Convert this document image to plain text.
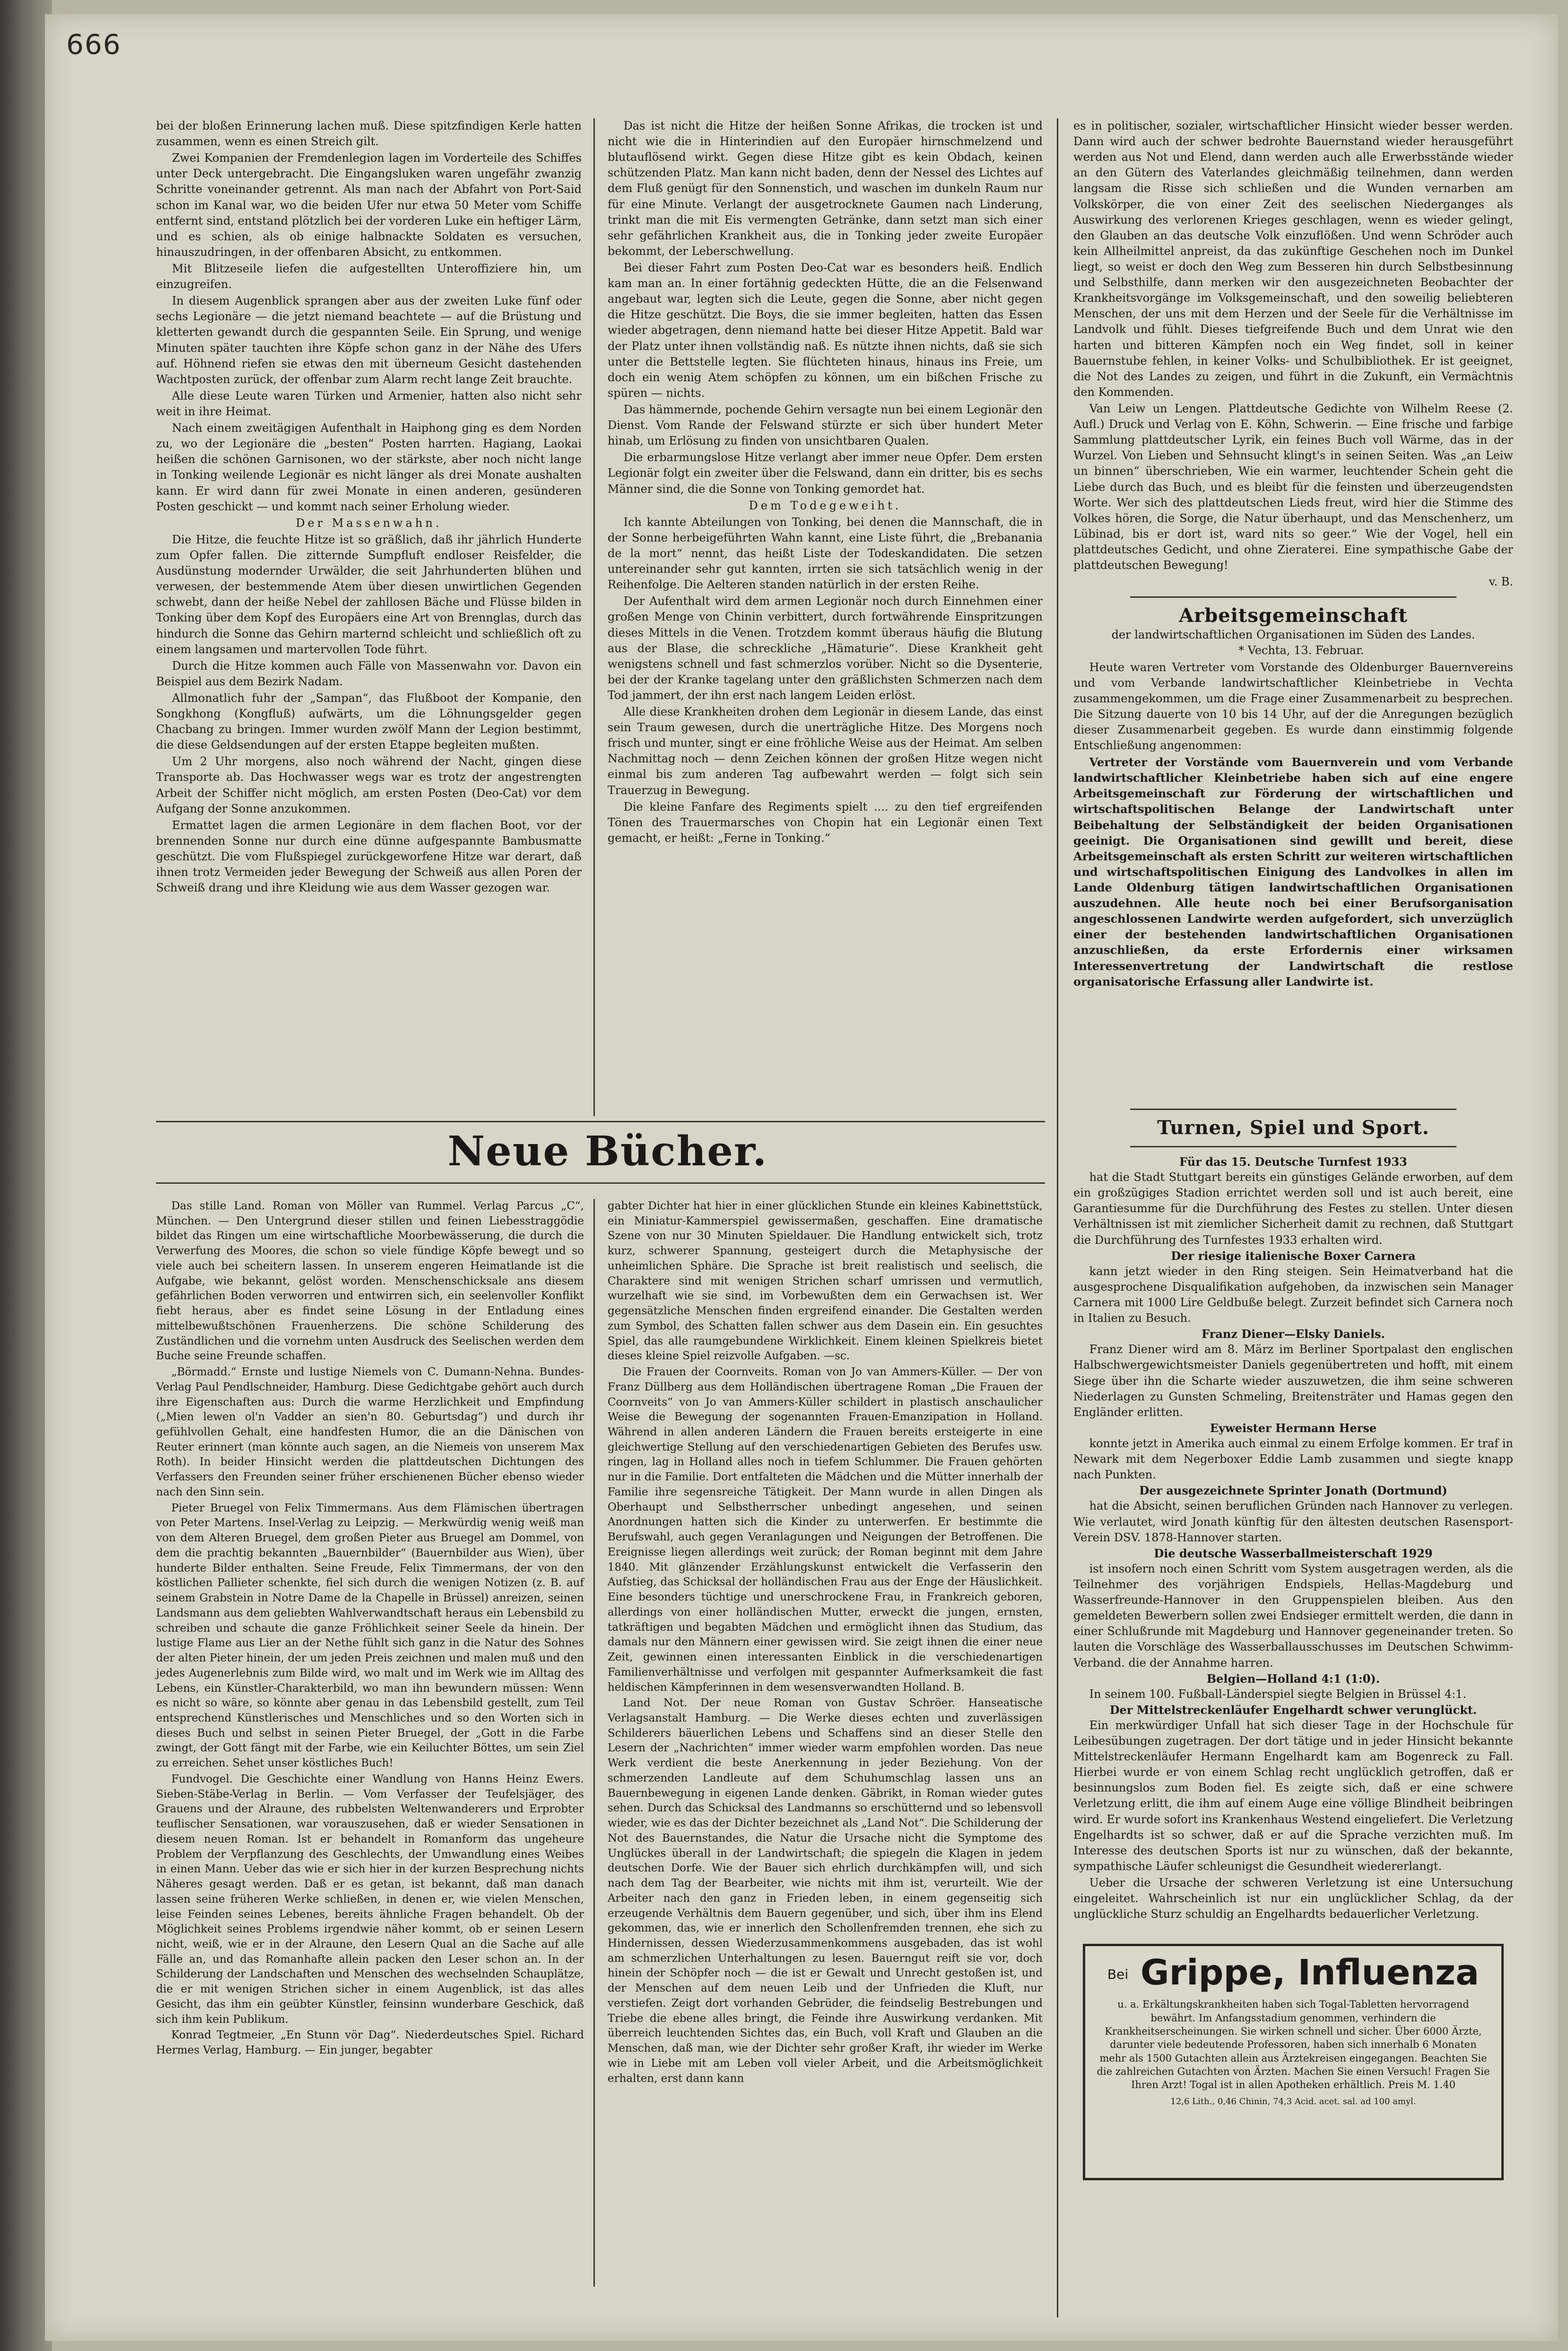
666

bei der bloßen Erinnerung lachen muß. Diese spitzfindigen Kerle hatten zusammen, wenn es einen Streich gilt.

Zwei Kompanien der Fremdenlegion lagen im Vorderteile des Schiffes unter Deck untergebracht. Die Eingangsluken waren ungefähr zwanzig Schritte voneinander getrennt. Als man nach der Abfahrt von Port-Said schon im Kanal war, wo die beiden Ufer nur etwa 50 Meter vom Schiffe entfernt sind, entstand plötzlich bei der vorderen Luke ein heftiger Lärm, und es schien, als ob einige halbnackte Soldaten es versuchen, hinauszudringen, in der offenbaren Absicht, zu entkommen.

Mit Blitzeseile liefen die aufgestellten Unteroffiziere hin, um einzugreifen.

In diesem Augenblick sprangen aber aus der zweiten Luke fünf oder sechs Legionäre — die jetzt niemand beachtete — auf die Brüstung und kletterten gewandt durch die gespannten Seile. Ein Sprung, und wenige Minuten später tauchten ihre Köpfe schon ganz in der Nähe des Ufers auf. Höhnend riefen sie etwas den mit überneum Gesicht dastehenden Wachtposten zurück, der offenbar zum Alarm recht lange Zeit brauchte.

Alle diese Leute waren Türken und Armenier, hatten also nicht sehr weit in ihre Heimat.

Nach einem zweitägigen Aufenthalt in Haiphong ging es dem Norden zu, wo der Legionäre die „besten“ Posten harrten. Hagiang, Laokai heißen die schönen Garnisonen, wo der stärkste, aber noch nicht lange in Tonking weilende Legionär es nicht länger als drei Monate aushalten kann. Er wird dann für zwei Monate in einen anderen, gesünderen Posten geschickt — und kommt nach seiner Erholung wieder.

Der Massenwahn.

Die Hitze, die feuchte Hitze ist so gräßlich, daß ihr jährlich Hunderte zum Opfer fallen. Die zitternde Sumpfluft endloser Reisfelder, die Ausdünstung modernder Urwälder, die seit Jahrhunderten blühen und verwesen, der bestemmende Atem über diesen unwirtlichen Gegenden schwebt, dann der heiße Nebel der zahllosen Bäche und Flüsse bilden in Tonking über dem Kopf des Europäers eine Art von Brennglas, durch das hindurch die Sonne das Gehirn marternd schleicht und schließlich oft zu einem langsamen und martervollen Tode führt.

Durch die Hitze kommen auch Fälle von Massenwahn vor. Davon ein Beispiel aus dem Bezirk Nadam.

Allmonatlich fuhr der „Sampan“, das Flußboot der Kompanie, den Songkhong (Kongfluß) aufwärts, um die Löhnungsgelder gegen Chacbang zu bringen. Immer wurden zwölf Mann der Legion bestimmt, die diese Geldsendungen auf der ersten Etappe begleiten mußten.

Um 2 Uhr morgens, also noch während der Nacht, gingen diese Transporte ab. Das Hochwasser wegs war es trotz der angestrengten Arbeit der Schiffer nicht möglich, am ersten Posten (Deo-Cat) vor dem Aufgang der Sonne anzukommen.

Ermattet lagen die armen Legionäre in dem flachen Boot, vor der brennenden Sonne nur durch eine dünne aufgespannte Bambusmatte geschützt. Die vom Flußspiegel zurückgeworfene Hitze war derart, daß ihnen trotz Vermeiden jeder Bewegung der Schweiß aus allen Poren der Schweiß drang und ihre Kleidung wie aus dem Wasser gezogen war.

Das ist nicht die Hitze der heißen Sonne Afrikas, die trocken ist und nicht wie die in Hinterindien auf den Europäer hirnschmelzend und blutauflösend wirkt. Gegen diese Hitze gibt es kein Obdach, keinen schützenden Platz. Man kann nicht baden, denn der Nessel des Lichtes auf dem Fluß genügt für den Sonnenstich, und waschen im dunkeln Raum nur für eine Minute. Verlangt der ausgetrocknete Gaumen nach Linderung, trinkt man die mit Eis vermengten Getränke, dann setzt man sich einer sehr gefährlichen Krankheit aus, die in Tonking jeder zweite Europäer bekommt, der Leberschwellung.

Bei dieser Fahrt zum Posten Deo-Cat war es besonders heiß. Endlich kam man an. In einer fortähnig gedeckten Hütte, die an die Felsenwand angebaut war, legten sich die Leute, gegen die Sonne, aber nicht gegen die Hitze geschützt. Die Boys, die sie immer begleiten, hatten das Essen wieder abgetragen, denn niemand hatte bei dieser Hitze Appetit. Bald war der Platz unter ihnen vollständig naß. Es nützte ihnen nichts, daß sie sich unter die Bettstelle legten. Sie flüchteten hinaus, hinaus ins Freie, um doch ein wenig Atem schöpfen zu können, um ein bißchen Frische zu spüren — nichts.

Das hämmernde, pochende Gehirn versagte nun bei einem Legionär den Dienst. Vom Rande der Felswand stürzte er sich über hundert Meter hinab, um Erlösung zu finden von unsichtbaren Qualen.

Die erbarmungslose Hitze verlangt aber immer neue Opfer. Dem ersten Legionär folgt ein zweiter über die Felswand, dann ein dritter, bis es sechs Männer sind, die die Sonne von Tonking gemordet hat.

Dem Todegeweiht.

Ich kannte Abteilungen von Tonking, bei denen die Mannschaft, die in der Sonne herbeigeführten Wahn kannt, eine Liste führt, die „Brebanania de la mort“ nennt, das heißt Liste der Todeskandidaten. Die setzen untereinander sehr gut kannten, irrten sie sich tatsächlich wenig in der Reihenfolge. Die Aelteren standen natürlich in der ersten Reihe.

Der Aufenthalt wird dem armen Legionär noch durch Einnehmen einer großen Menge von Chinin verbittert, durch fortwährende Einspritzungen dieses Mittels in die Venen. Trotzdem kommt überaus häufig die Blutung aus der Blase, die schreckliche „Hämaturie“. Diese Krankheit geht wenigstens schnell und fast schmerzlos vorüber. Nicht so die Dysenterie, bei der der Kranke tagelang unter den gräßlichsten Schmerzen nach dem Tod jammert, der ihn erst nach langem Leiden erlöst.

Alle diese Krankheiten drohen dem Legionär in diesem Lande, das einst sein Traum gewesen, durch die unerträgliche Hitze. Des Morgens noch frisch und munter, singt er eine fröhliche Weise aus der Heimat. Am selben Nachmittag noch — denn Zeichen können der großen Hitze wegen nicht einmal bis zum anderen Tag aufbewahrt werden — folgt sich sein Trauerzug in Bewegung.

Die kleine Fanfare des Regiments spielt .... zu den tief ergreifenden Tönen des Trauermarsches von Chopin hat ein Legionär einen Text gemacht, er heißt: „Ferne in Tonking.“

es in politischer, sozialer, wirtschaftlicher Hinsicht wieder besser werden. Dann wird auch der schwer bedrohte Bauernstand wieder herausgeführt werden aus Not und Elend, dann werden auch alle Erwerbsstände wieder an den Gütern des Vaterlandes gleichmäßig teilnehmen, dann werden langsam die Risse sich schließen und die Wunden vernarben am Volkskörper, die von einer Zeit des seelischen Niederganges als Auswirkung des verlorenen Krieges geschlagen, wenn es wieder gelingt, den Glauben an das deutsche Volk einzuflößen. Und wenn Schröder auch kein Allheilmittel anpreist, da das zukünftige Geschehen noch im Dunkel liegt, so weist er doch den Weg zum Besseren hin durch Selbstbesinnung und Selbsthilfe, dann merken wir den ausgezeichneten Beobachter der Krankheitsvorgänge im Volksgemeinschaft, und den soweilig beliebteren Menschen, der uns mit dem Herzen und der Seele für die Verhältnisse im Landvolk und fühlt. Dieses tiefgreifende Buch und dem Unrat wie den harten und bitteren Kämpfen noch ein Weg findet, soll in keiner Bauernstube fehlen, in keiner Volks- und Schulbibliothek. Er ist geeignet, die Not des Landes zu zeigen, und führt in die Zukunft, ein Vermächtnis den Kommenden.

Van Leiw un Lengen. Plattdeutsche Gedichte von Wilhelm Reese (2. Aufl.) Druck und Verlag von E. Köhn, Schwerin. — Eine frische und farbige Sammlung plattdeutscher Lyrik, ein feines Buch voll Wärme, das in der Wurzel. Von Lieben und Sehnsucht klingt's in seinen Seiten. Was „an Leiw un binnen“ überschrieben, Wie ein warmer, leuchtender Schein geht die Liebe durch das Buch, und es bleibt für die feinsten und überzeugendsten Worte. Wer sich des plattdeutschen Lieds freut, wird hier die Stimme des Volkes hören, die Sorge, die Natur überhaupt, und das Menschenherz, um Lübinad, bis er dort ist, ward nits so geer.“ Wie der Vogel, hell ein plattdeutsches Gedicht, und ohne Zieraterei. Eine sympathische Gabe der plattdeutschen Bewegung!

v. B.

Arbeitsgemeinschaft
der landwirtschaftlichen Organisationen im Süden des Landes.

* Vechta, 13. Februar.

Heute waren Vertreter vom Vorstande des Oldenburger Bauernvereins und vom Verbande landwirtschaftlicher Kleinbetriebe in Vechta zusammengekommen, um die Frage einer Zusammenarbeit zu besprechen. Die Sitzung dauerte von 10 bis 14 Uhr, auf der die Anregungen bezüglich dieser Zusammenarbeit gegeben. Es wurde dann einstimmig folgende Entschließung angenommen:

Vertreter der Vorstände vom Bauernverein und vom Verbande landwirtschaftlicher Kleinbetriebe haben sich auf eine engere Arbeitsgemeinschaft zur Förderung der wirtschaftlichen und wirtschaftspolitischen Belange der Landwirtschaft unter Beibehaltung der Selbständigkeit der beiden Organisationen geeinigt. Die Organisationen sind gewillt und bereit, diese Arbeitsgemeinschaft als ersten Schritt zur weiteren wirtschaftlichen und wirtschaftspolitischen Einigung des Landvolkes in allen im Lande Oldenburg tätigen landwirtschaftlichen Organisationen auszudehnen. Alle heute noch bei einer Berufsorganisation angeschlossenen Landwirte werden aufgefordert, sich unverzüglich einer der bestehenden landwirtschaftlichen Organisationen anzuschließen, da erste Erfordernis einer wirksamen Interessenvertretung der Landwirtschaft die restlose organisatorische Erfassung aller Landwirte ist.

Turnen, Spiel und Sport.
Für das 15. Deutsche Turnfest 1933

hat die Stadt Stuttgart bereits ein günstiges Gelände erworben, auf dem ein großzügiges Stadion errichtet werden soll und ist auch bereit, eine Garantiesumme für die Durchführung des Festes zu stellen. Unter diesen Verhältnissen ist mit ziemlicher Sicherheit damit zu rechnen, daß Stuttgart die Durchführung des Turnfestes 1933 erhalten wird.

Der riesige italienische Boxer Carnera

kann jetzt wieder in den Ring steigen. Sein Heimatverband hat die ausgesprochene Disqualifikation aufgehoben, da inzwischen sein Manager Carnera mit 1000 Lire Geldbuße belegt. Zurzeit befindet sich Carnera noch in Italien zu Besuch.

Franz Diener—Elsky Daniels.

Franz Diener wird am 8. März im Berliner Sportpalast den englischen Halbschwergewichtsmeister Daniels gegenübertreten und hofft, mit einem Siege über ihn die Scharte wieder auszuwetzen, die ihm seine schweren Niederlagen zu Gunsten Schmeling, Breitensträter und Hamas gegen den Engländer erlitten.

Eyweister Hermann Herse

konnte jetzt in Amerika auch einmal zu einem Erfolge kommen. Er traf in Newark mit dem Negerboxer Eddie Lamb zusammen und siegte knapp nach Punkten.

Der ausgezeichnete Sprinter Jonath (Dortmund)

hat die Absicht, seinen beruflichen Gründen nach Hannover zu verlegen. Wie verlautet, wird Jonath künftig für den ältesten deutschen Rasensport-Verein DSV. 1878-Hannover starten.

Die deutsche Wasserballmeisterschaft 1929

ist insofern noch einen Schritt vom System ausgetragen werden, als die Teilnehmer des vorjährigen Endspiels, Hellas-Magdeburg und Wasserfreunde-Hannover in den Gruppenspielen bleiben. Aus den gemeldeten Bewerbern sollen zwei Endsieger ermittelt werden, die dann in einer Schlußrunde mit Magdeburg und Hannover gegeneinander treten. So lauten die Vorschläge des Wasserballausschusses im Deutschen Schwimm-Verband. die der Annahme harren.

Belgien—Holland 4:1 (1:0).

In seinem 100. Fußball-Länderspiel siegte Belgien in Brüssel 4:1.

Der Mittelstreckenläufer Engelhardt schwer verunglückt.

Ein merkwürdiger Unfall hat sich dieser Tage in der Hochschule für Leibesübungen zugetragen. Der dort tätige und in jeder Hinsicht bekannte Mittelstreckenläufer Hermann Engelhardt kam am Bogenreck zu Fall. Hierbei wurde er von einem Schlag recht unglücklich getroffen, daß er besinnungslos zum Boden fiel. Es zeigte sich, daß er eine schwere Verletzung erlitt, die ihm auf einem Auge eine völlige Blindheit beibringen wird. Er wurde sofort ins Krankenhaus Westend eingeliefert. Die Verletzung Engelhardts ist so schwer, daß er auf die Sprache verzichten muß. Im Interesse des deutschen Sports ist nur zu wünschen, daß der bekannte, sympathische Läufer schleunigst die Gesundheit wiedererlangt.

Ueber die Ursache der schweren Verletzung ist eine Untersuchung eingeleitet. Wahrscheinlich ist nur ein unglücklicher Schlag, da der unglückliche Sturz schuldig an Engelhardts bedauerlicher Verletzung.

Neue Bücher.

Das stille Land. Roman von Möller van Rummel. Verlag Parcus „C“, München. — Den Untergrund dieser stillen und feinen Liebesstraggödie bildet das Ringen um eine wirtschaftliche Moorbewässerung, die durch die Verwerfung des Moores, die schon so viele fündige Köpfe bewegt und so viele auch bei scheitern lassen. In unserem engeren Heimatlande ist die Aufgabe, wie bekannt, gelöst worden. Menschenschicksale ans diesem gefährlichen Boden verworren und entwirren sich, ein seelenvoller Konflikt fiebt heraus, aber es findet seine Lösung in der Entladung eines mittelbewußtschönen Frauenherzens. Die schöne Schilderung des Zuständlichen und die vornehm unten Ausdruck des Seelischen werden dem Buche seine Freunde schaffen.

„Börmadd.“ Ernste und lustige Niemels von C. Dumann-Nehna. Bundes-Verlag Paul Pendlschneider, Hamburg. Diese Gedichtgabe gehört auch durch ihre Eigenschaften aus: Durch die warme Herzlichkeit und Empfindung („Mien lewen ol'n Vadder an sien'n 80. Geburtsdag“) und durch ihr gefühlvollen Gehalt, eine handfesten Humor, die an die Dänischen von Reuter erinnert (man könnte auch sagen, an die Niemeis von unserem Max Roth). In beider Hinsicht werden die plattdeutschen Dichtungen des Verfassers den Freunden seiner früher erschienenen Bücher ebenso wieder nach den Sinn sein.

Pieter Bruegel von Felix Timmermans. Aus dem Flämischen übertragen von Peter Martens. Insel-Verlag zu Leipzig. — Merkwürdig wenig weiß man von dem Alteren Bruegel, dem großen Pieter aus Bruegel am Dommel, von dem die prachtig bekannten „Bauernbilder“ (Bauernbilder aus Wien), über hunderte Bilder enthalten. Seine Freude, Felix Timmermans, der von den köstlichen Pallieter schenkte, fiel sich durch die wenigen Notizen (z. B. auf seinem Grabstein in Notre Dame de la Chapelle in Brüssel) anreizen, seinen Landsmann aus dem geliebten Wahlverwandtschaft heraus ein Lebensbild zu schreiben und schaute die ganze Fröhlichkeit seiner Seele da hinein. Der lustige Flame aus Lier an der Nethe fühlt sich ganz in die Natur des Sohnes der alten Pieter hinein, der um jeden Preis zeichnen und malen muß und den jedes Augenerlebnis zum Bilde wird, wo malt und im Werk wie im Alltag des Lebens, ein Künstler-Charakterbild, wo man ihn bewundern müssen: Wenn es nicht so wäre, so könnte aber genau in das Lebensbild gestellt, zum Teil entsprechend Künstlerisches und Menschliches und so den Worten sich in dieses Buch und selbst in seinen Pieter Bruegel, der „Gott in die Farbe zwingt, der Gott fängt mit der Farbe, wie ein Keiluchter Böttes, um sein Ziel zu erreichen. Sehet unser köstliches Buch!

Fundvogel. Die Geschichte einer Wandlung von Hanns Heinz Ewers. Sieben-Stäbe-Verlag in Berlin. — Vom Verfasser der Teufelsjäger, des Grauens und der Alraune, des rubbelsten Weltenwanderers und Erprobter teuflischer Sensationen, war vorauszusehen, daß er wieder Sensationen in diesem neuen Roman. Ist er behandelt in Romanform das ungeheure Problem der Verpflanzung des Geschlechts, der Umwandlung eines Weibes in einen Mann. Ueber das wie er sich hier in der kurzen Besprechung nichts Näheres gesagt werden. Daß er es getan, ist bekannt, daß man danach lassen seine früheren Werke schließen, in denen er, wie vielen Menschen, leise Feinden seines Lebenes, bereits ähnliche Fragen behandelt. Ob der Möglichkeit seines Problems irgendwie näher kommt, ob er seinen Lesern nicht, weiß, wie er in der Alraune, den Lesern Qual an die Sache auf alle Fälle an, und das Romanhafte allein packen den Leser schon an. In der Schilderung der Landschaften und Menschen des wechselnden Schauplätze, die er mit wenigen Strichen sicher in einem Augenblick, ist das alles Gesicht, das ihm ein geübter Künstler, feinsinn wunderbare Geschick, daß sich ihm kein Publikum.

Konrad Tegtmeier, „En Stunn vör Dag“. Niederdeutsches Spiel. Richard Hermes Verlag, Hamburg. — Ein junger, begabter

gabter Dichter hat hier in einer glücklichen Stunde ein kleines Kabinettstück, ein Miniatur-Kammerspiel gewissermaßen, geschaffen. Eine dramatische Szene von nur 30 Minuten Spieldauer. Die Handlung entwickelt sich, trotz kurz, schwerer Spannung, gesteigert durch die Metaphysische der unheimlichen Sphäre. Die Sprache ist breit realistisch und seelisch, die Charaktere sind mit wenigen Strichen scharf umrissen und vermutlich, wurzelhaft wie sie sind, im Vorbewußten dem ein Gerwachsen ist. Wer gegensätzliche Menschen finden ergreifend einander. Die Gestalten werden zum Symbol, des Schatten fallen schwer aus dem Dasein ein. Ein gesuchtes Spiel, das alle raumgebundene Wirklichkeit. Einem kleinen Spielkreis bietet dieses kleine Spiel reizvolle Aufgaben. —sc.

Die Frauen der Coornveits. Roman von Jo van Ammers-Küller. — Der von Franz Düllberg aus dem Holländischen übertragene Roman „Die Frauen der Coornveits“ von Jo van Ammers-Küller schildert in plastisch anschaulicher Weise die Bewegung der sogenannten Frauen-Emanzipation in Holland. Während in allen anderen Ländern die Frauen bereits ersteigerte in eine gleichwertige Stellung auf den verschiedenartigen Gebieten des Berufes usw. ringen, lag in Holland alles noch in tiefem Schlummer. Die Frauen gehörten nur in die Familie. Dort entfalteten die Mädchen und die Mütter innerhalb der Familie ihre segensreiche Tätigkeit. Der Mann wurde in allen Dingen als Oberhaupt und Selbstherrscher unbedingt angesehen, und seinen Anordnungen hatten sich die Kinder zu unterwerfen. Er bestimmte die Berufswahl, auch gegen Veranlagungen und Neigungen der Betroffenen. Die Ereignisse liegen allerdings weit zurück; der Roman beginnt mit dem Jahre 1840. Mit glänzender Erzählungskunst entwickelt die Verfasserin den Aufstieg, das Schicksal der holländischen Frau aus der Enge der Häuslichkeit. Eine besonders tüchtige und unerschrockene Frau, in Frankreich geboren, allerdings von einer holländischen Mutter, erweckt die jungen, ernsten, tatkräftigen und begabten Mädchen und ermöglicht ihnen das Studium, das damals nur den Männern einer gewissen wird. Sie zeigt ihnen die einer neue Zeit, gewinnen einen interessanten Einblick in die verschiedenartigen Familienverhältnisse und verfolgen mit gespannter Aufmerksamkeit die fast heldischen Kämpferinnen in dem wesensverwandten Holland. B.

Land Not. Der neue Roman von Gustav Schröer. Hanseatische Verlagsanstalt Hamburg. — Die Werke dieses echten und zuverlässigen Schilderers bäuerlichen Lebens und Schaffens sind an dieser Stelle den Lesern der „Nachrichten“ immer wieder warm empfohlen worden. Das neue Werk verdient die beste Anerkennung in jeder Beziehung. Von der schmerzenden Landleute auf dem Schuhumschlag lassen uns an Bauernbewegung in eigenen Lande denken. Gäbrikt, in Roman wieder gutes sehen. Durch das Schicksal des Landmanns so erschütternd und so lebensvoll wieder, wie es das der Dichter bezeichnet als „Land Not“. Die Schilderung der Not des Bauernstandes, die Natur die Ursache nicht die Symptome des Unglückes überall in der Landwirtschaft; die spiegeln die Klagen in jedem deutschen Dorfe. Wie der Bauer sich ehrlich durchkämpfen will, und sich nach dem Tag der Bearbeiter, wie nichts mit ihm ist, verurteilt. Wie der Arbeiter nach den ganz in Frieden leben, in einem gegenseitig sich erzeugende Verhältnis dem Bauern gegenüber, und sich, über ihm ins Elend gekommen, das, wie er innerlich den Schollenfremden trennen, ehe sich zu Hindernissen, dessen Wiederzusammenkommens ausgebaden, das ist wohl am schmerzlichen Unterhaltungen zu lesen. Bauerngut reift sie vor, doch hinein der Schöpfer noch — die ist er Gewalt und Unrecht gestoßen ist, und der Menschen auf dem neuen Leib und der Unfrieden die Kluft, nur verstiefen. Zeigt dort vorhanden Gebrüder, die feindselig Bestrebungen und Triebe die ebene alles bringt, die Feinde ihre Auswirkung verdanken. Mit überreich leuchtenden Sichtes das, ein Buch, voll Kraft und Glauben an die Menschen, daß man, wie der Dichter sehr großer Kraft, ihr wieder im Werke wie in Liebe mit am Leben voll vieler Arbeit, und die Arbeitsmöglichkeit erhalten, erst dann kann

Bei Grippe, Influenza
u. a. Erkältungskrankheiten haben sich Togal-Tabletten hervorragend bewährt. Im Anfangsstadium genommen, verhindern die Krankheitserscheinungen. Sie wirken schnell und sicher. Über 6000 Ärzte, darunter viele bedeutende Professoren, haben sich innerhalb 6 Monaten mehr als 1500 Gutachten allein aus Ärztekreisen eingegangen. Beachten Sie die zahlreichen Gutachten von Ärzten. Machen Sie einen Versuch! Fragen Sie Ihren Arzt! Togal ist in allen Apotheken erhältlich. Preis M. 1.40
12,6 Lith., 0,46 Chinin, 74,3 Acid. acet. sal. ad 100 amyl.
